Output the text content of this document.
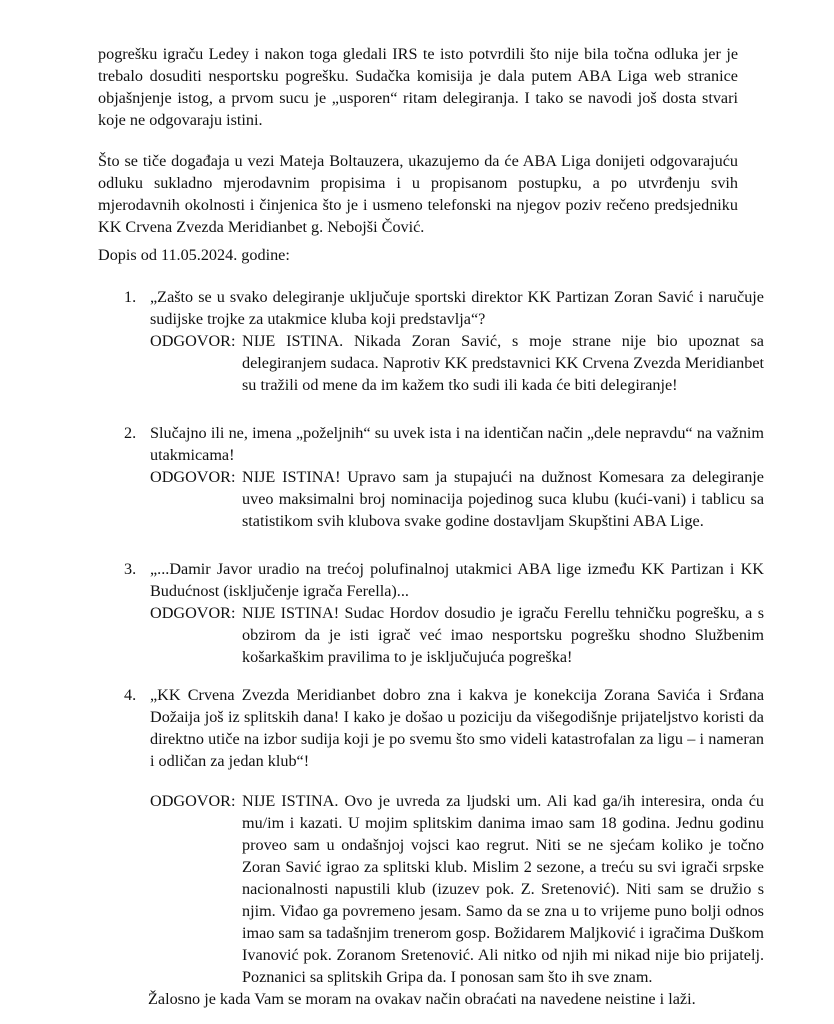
pogrešku igraču Ledey i nakon toga gledali IRS te isto potvrdili što nije bila točna odluka jer je trebalo dosuditi nesportsku pogrešku. Sudačka komisija je dala putem ABA Liga web stranice objašnjenje istog, a prvom sucu je „usporen“ ritam delegiranja. I tako se navodi još dosta stvari koje ne odgovaraju istini.
Što se tiče događaja u vezi Mateja Boltauzera, ukazujemo da će ABA Liga donijeti odgovarajuću odluku sukladno mjerodavnim propisima i u propisanom postupku, a po utvrđenju svih mjerodavnih okolnosti i činjenica što je i usmeno telefonski na njegov poziv rečeno predsjedniku KK Crvena Zvezda Meridianbet g. Nebojši Čović.
Dopis od 11.05.2024. godine:
1. „Zašto se u svako delegiranje uključuje sportski direktor KK Partizan Zoran Savić i naručuje sudijske trojke za utakmice kluba koji predstavlja“?
ODGOVOR: NIJE ISTINA. Nikada Zoran Savić, s moje strane nije bio upoznat sa delegiranjem sudaca. Naprotiv KK predstavnici KK Crvena Zvezda Meridianbet su tražili od mene da im kažem tko sudi ili kada će biti delegiranje!
2. Slučajno ili ne, imena „poželjnih“ su uvek ista i na identičan način „dele nepravdu“ na važnim utakmicama!
ODGOVOR: NIJE ISTINA! Upravo sam ja stupajući na dužnost Komesara za delegiranje uveo maksimalni broj nominacija pojedinog suca klubu (kući-vani) i tablicu sa statistikom svih klubova svake godine dostavljam Skupštini ABA Lige.
3. „...Damir Javor uradio na trećoj polufinalnoj utakmici ABA lige između KK Partizan i KK Budućnost (isključenje igrača Ferella)...
ODGOVOR: NIJE ISTINA! Sudac Hordov dosudio je igraču Ferellu tehničku pogrešku, a s obzirom da je isti igrač već imao nesportsku pogrešku shodno Službenim košarkaškim pravilima to je isključujuća pogreška!
4. „KK Crvena Zvezda Meridianbet dobro zna i kakva je konekcija Zorana Savića i Srđana Dožaija još iz splitskih dana! I kako je došao u poziciju da višegodišnje prijateljstvo koristi da direktno utiče na izbor sudija koji je po svemu što smo videli katastrofalan za ligu – i nameran i odličan za jedan klub“!
ODGOVOR: NIJE ISTINA. Ovo je uvreda za ljudski um. Ali kad ga/ih interesira, onda ću mu/im i kazati. U mojim splitskim danima imao sam 18 godina. Jednu godinu proveo sam u ondašnjoj vojsci kao regrut. Niti se ne sjećam koliko je točno Zoran Savić igrao za splitski klub. Mislim 2 sezone, a treću su svi igrači srpske nacionalnosti napustili klub (izuzev pok. Z. Sretenović). Niti sam se družio s njim. Viđao ga povremeno jesam. Samo da se zna u to vrijeme puno bolji odnos imao sam sa tadašnjim trenerom gosp. Božidarem Maljković i igračima Duškom Ivanović pok. Zoranom Sretenović. Ali nitko od njih mi nikad nije bio prijatelj. Poznanici sa splitskih Gripa da. I ponosan sam što ih sve znam.
Žalosno je kada Vam se moram na ovakav način obraćati na navedene neistine i laži.
